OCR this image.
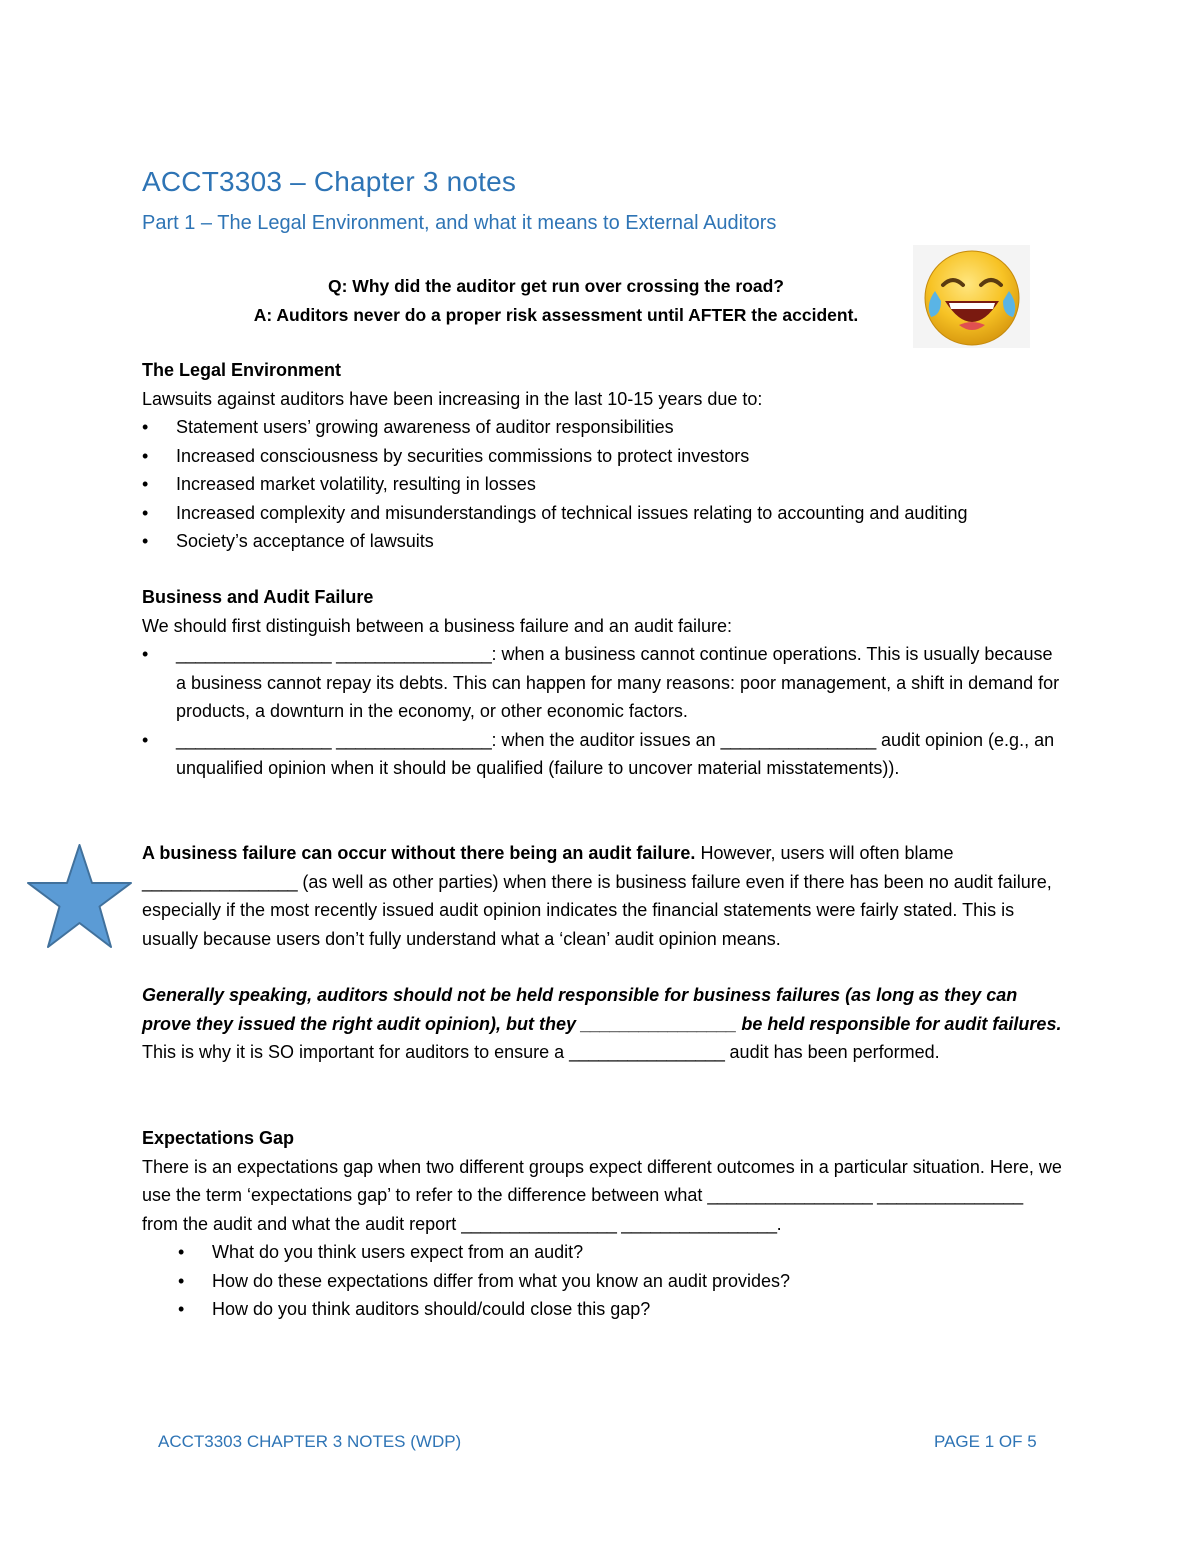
ACCT3303 – Chapter 3 notes
Part 1 – The Legal Environment, and what it means to External Auditors

Q: Why did the auditor get run over crossing the road?

A: Auditors never do a proper risk assessment until AFTER the accident.

The Legal Environment

Lawsuits against auditors have been increasing in the last 10-15 years due to:

• Statement users’ growing awareness of auditor responsibilities
• Increased consciousness by securities commissions to protect investors
• Increased market volatility, resulting in losses
• Increased complexity and misunderstandings of technical issues relating to accounting and auditing
• Society’s acceptance of lawsuits

Business and Audit Failure

We should first distinguish between a business failure and an audit failure:

• ________________ ________________: when a business cannot continue operations. This is usually because a business cannot repay its debts. This can happen for many reasons: poor management, a shift in demand for products, a downturn in the economy, or other economic factors.
• ________________ ________________: when the auditor issues an ________________ audit opinion (e.g., an unqualified opinion when it should be qualified (failure to uncover material misstatements)).

A business failure can occur without there being an audit failure. However, users will often blame ________________ (as well as other parties) when there is business failure even if there has been no audit failure, especially if the most recently issued audit opinion indicates the financial statements were fairly stated. This is usually because users don’t fully understand what a ‘clean’ audit opinion means.

Generally speaking, auditors should not be held responsible for business failures (as long as they can prove they issued the right audit opinion), but they ________________ be held responsible for audit failures. This is why it is SO important for auditors to ensure a ________________ audit has been performed.

Expectations Gap

There is an expectations gap when two different groups expect different outcomes in a particular situation. Here, we use the term ‘expectations gap’ to refer to the difference between what _________________ _______________ from the audit and what the audit report ________________ ________________.

• What do you think users expect from an audit?
• How do these expectations differ from what you know an audit provides?
• How do you think auditors should/could close this gap?
ACCT3303 CHAPTER 3 NOTES (WDP)	PAGE 1 OF 5
